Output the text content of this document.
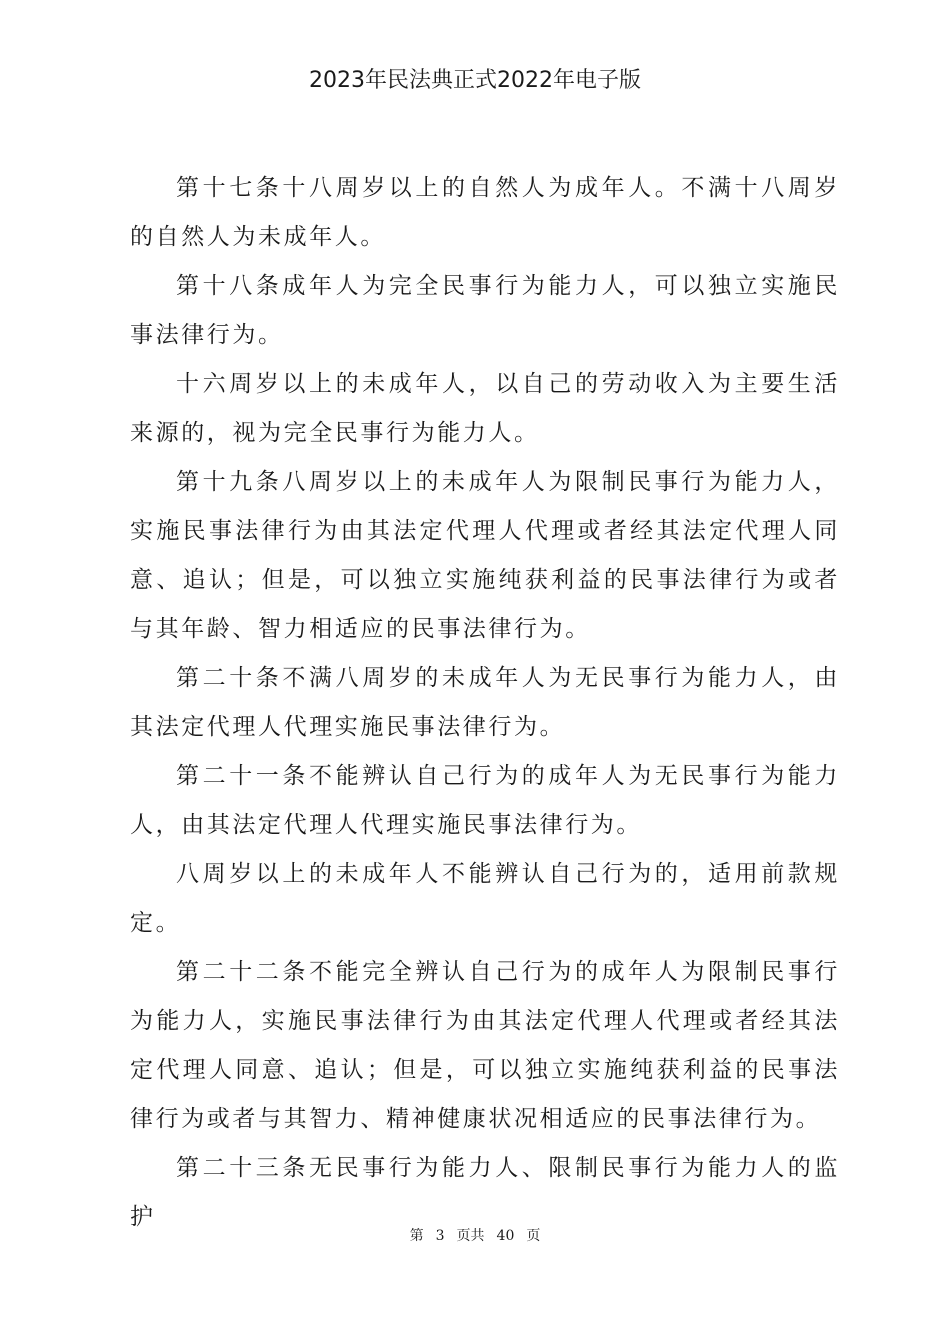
2023年民法典正式2022年电子版

第十七条十八周岁以上的自然人为成年人。不满十八周岁的自然人为未成年人。

第十八条成年人为完全民事行为能力人，可以独立实施民事法律行为。

十六周岁以上的未成年人，以自己的劳动收入为主要生活来源的，视为完全民事行为能力人。

第十九条八周岁以上的未成年人为限制民事行为能力人，实施民事法律行为由其法定代理人代理或者经其法定代理人同意、追认；但是，可以独立实施纯获利益的民事法律行为或者与其年龄、智力相适应的民事法律行为。

第二十条不满八周岁的未成年人为无民事行为能力人，由其法定代理人代理实施民事法律行为。

第二十一条不能辨认自己行为的成年人为无民事行为能力人，由其法定代理人代理实施民事法律行为。

八周岁以上的未成年人不能辨认自己行为的，适用前款规定。

第二十二条不能完全辨认自己行为的成年人为限制民事行为能力人，实施民事法律行为由其法定代理人代理或者经其法定代理人同意、追认；但是，可以独立实施纯获利益的民事法律行为或者与其智力、精神健康状况相适应的民事法律行为。

第二十三条无民事行为能力人、限制民事行为能力人的监护

第 3 页共 40 页
